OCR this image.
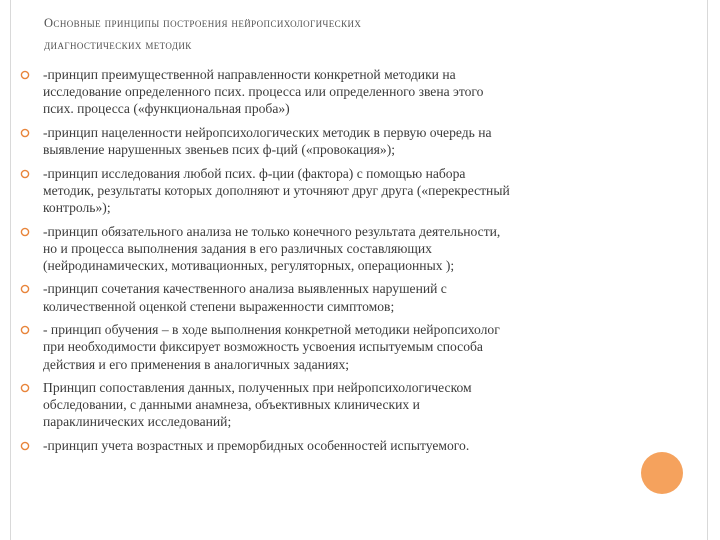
Основные принципы построения нейропсихологических
диагностических методик
-принцип преимущественной направленности конкретной методики на
исследование определенного псих. процесса или определенного звена этого
псих. процесса («функциональная проба»)
-принцип нацеленности нейропсихологических методик в первую очередь на
выявление нарушенных звеньев псих ф-ций («провокация»);
-принцип исследования любой псих. ф-ции (фактора) с помощью набора
методик, результаты которых дополняют и уточняют друг друга («перекрестный
контроль»);
-принцип обязательного анализа не только конечного результата деятельности,
но и процесса выполнения задания в его различных составляющих
(нейродинамических, мотивационных, регуляторных, операционных );
-принцип сочетания качественного анализа выявленных нарушений с
количественной оценкой степени выраженности симптомов;
- принцип обучения – в ходе выполнения конкретной методики нейропсихолог
при необходимости фиксирует возможность усвоения испытуемым способа
действия и его применения в аналогичных заданиях;
Принцип сопоставления данных, полученных при нейропсихологическом
обследовании, с данными анамнеза, объективных клинических и
параклинических исследований;
-принцип учета возрастных и преморбидных особенностей испытуемого.
